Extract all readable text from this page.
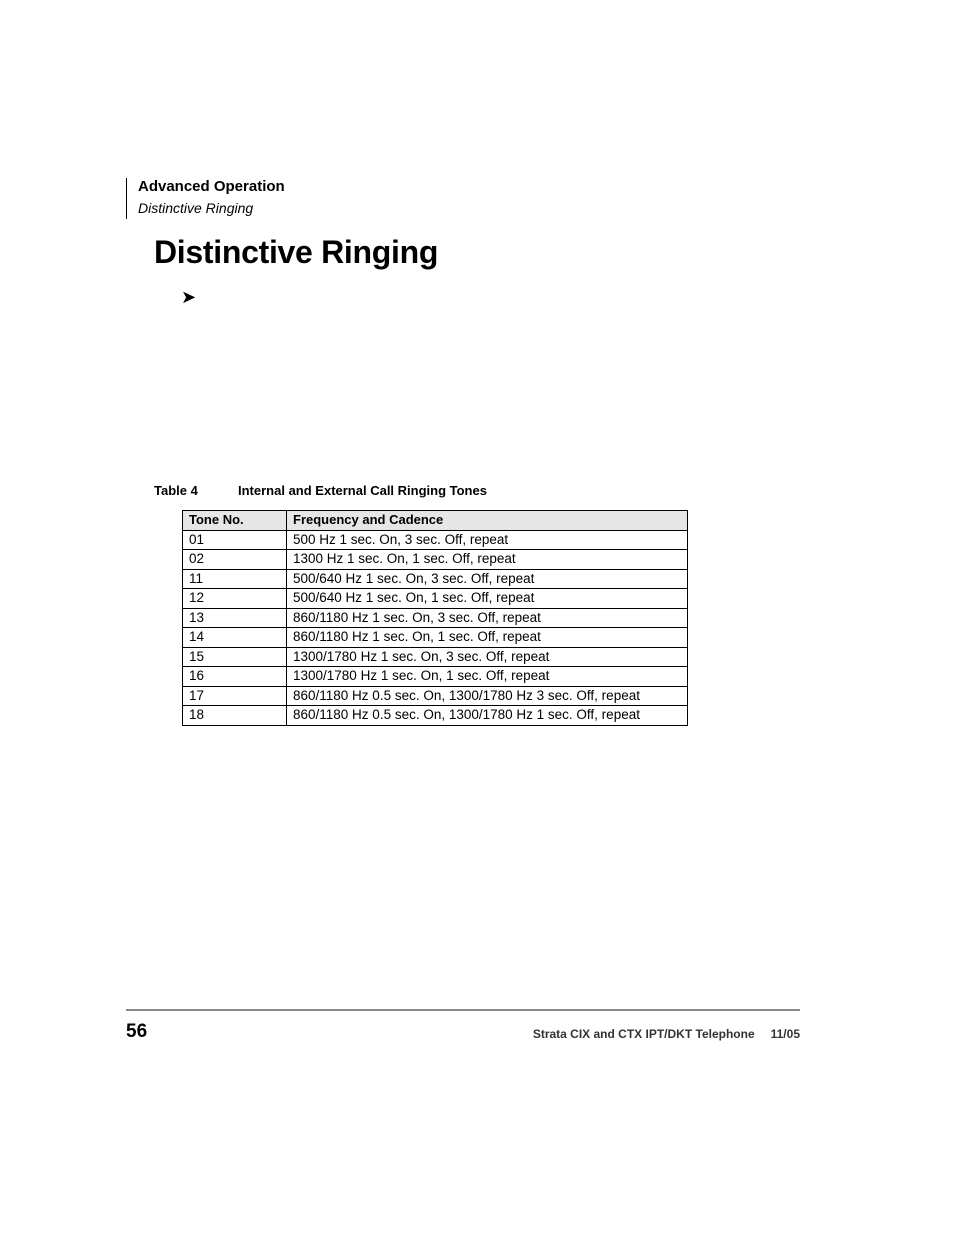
Advanced Operation
Distinctive Ringing
Distinctive Ringing
➤
Table 4	Internal and External Call Ringing Tones
Tone No.	Frequency and Cadence
01	500 Hz 1 sec. On, 3 sec. Off, repeat
02	1300 Hz 1 sec. On, 1 sec. Off, repeat
11	500/640 Hz 1 sec. On, 3 sec. Off, repeat
12	500/640 Hz 1 sec. On, 1 sec. Off, repeat
13	860/1180 Hz 1 sec. On, 3 sec. Off, repeat
14	860/1180 Hz 1 sec. On, 1 sec. Off, repeat
15	1300/1780 Hz 1 sec. On, 3 sec. Off, repeat
16	1300/1780 Hz 1 sec. On, 1 sec. Off, repeat
17	860/1180 Hz 0.5 sec. On, 1300/1780 Hz 3 sec. Off, repeat
18	860/1180 Hz 0.5 sec. On, 1300/1780 Hz 1 sec. Off, repeat
56	Strata CIX and CTX IPT/DKT Telephone 11/05
